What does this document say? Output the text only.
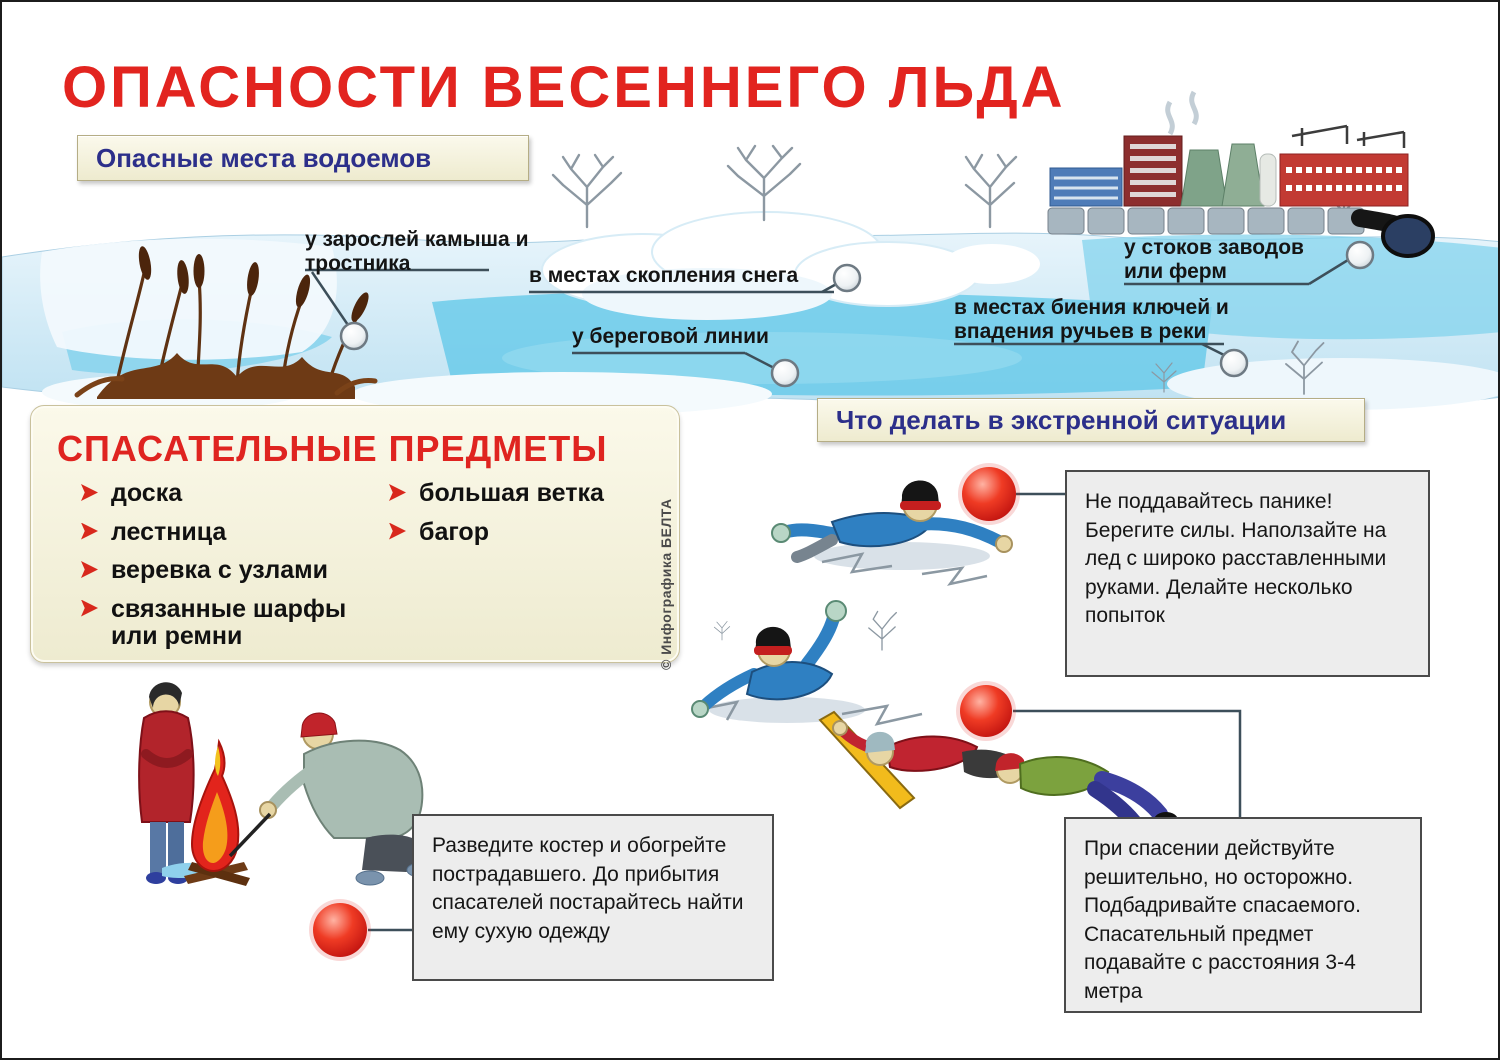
ОПАСНОСТИ ВЕСЕННЕГО ЛЬДА
Опасные места водоемов
у зарослей камыша и тростника
в местах скопления снега
у береговой линии
у стоков заводов или ферм
в местах биения ключей и впадения ручьев в реки
СПАСАТЕЛЬНЫЕ ПРЕДМЕТЫ
доска
лестница
веревка с узлами
связанные шарфы или ремни
большая ветка
багор
Что делать в экстренной ситуации
Не поддавайтесь панике! Берегите силы. Наползайте на лед с широко расставленными руками. Делайте несколько попыток
При спасении действуйте решительно, но осторожно. Подбадривайте спасаемого. Спасательный предмет подавайте с расстояния 3-4 метра
Разведите костер и обогрейте пострадавшего. До прибытия спасателей постарайтесь найти ему сухую одежду
© Инфографика БЕЛТА
